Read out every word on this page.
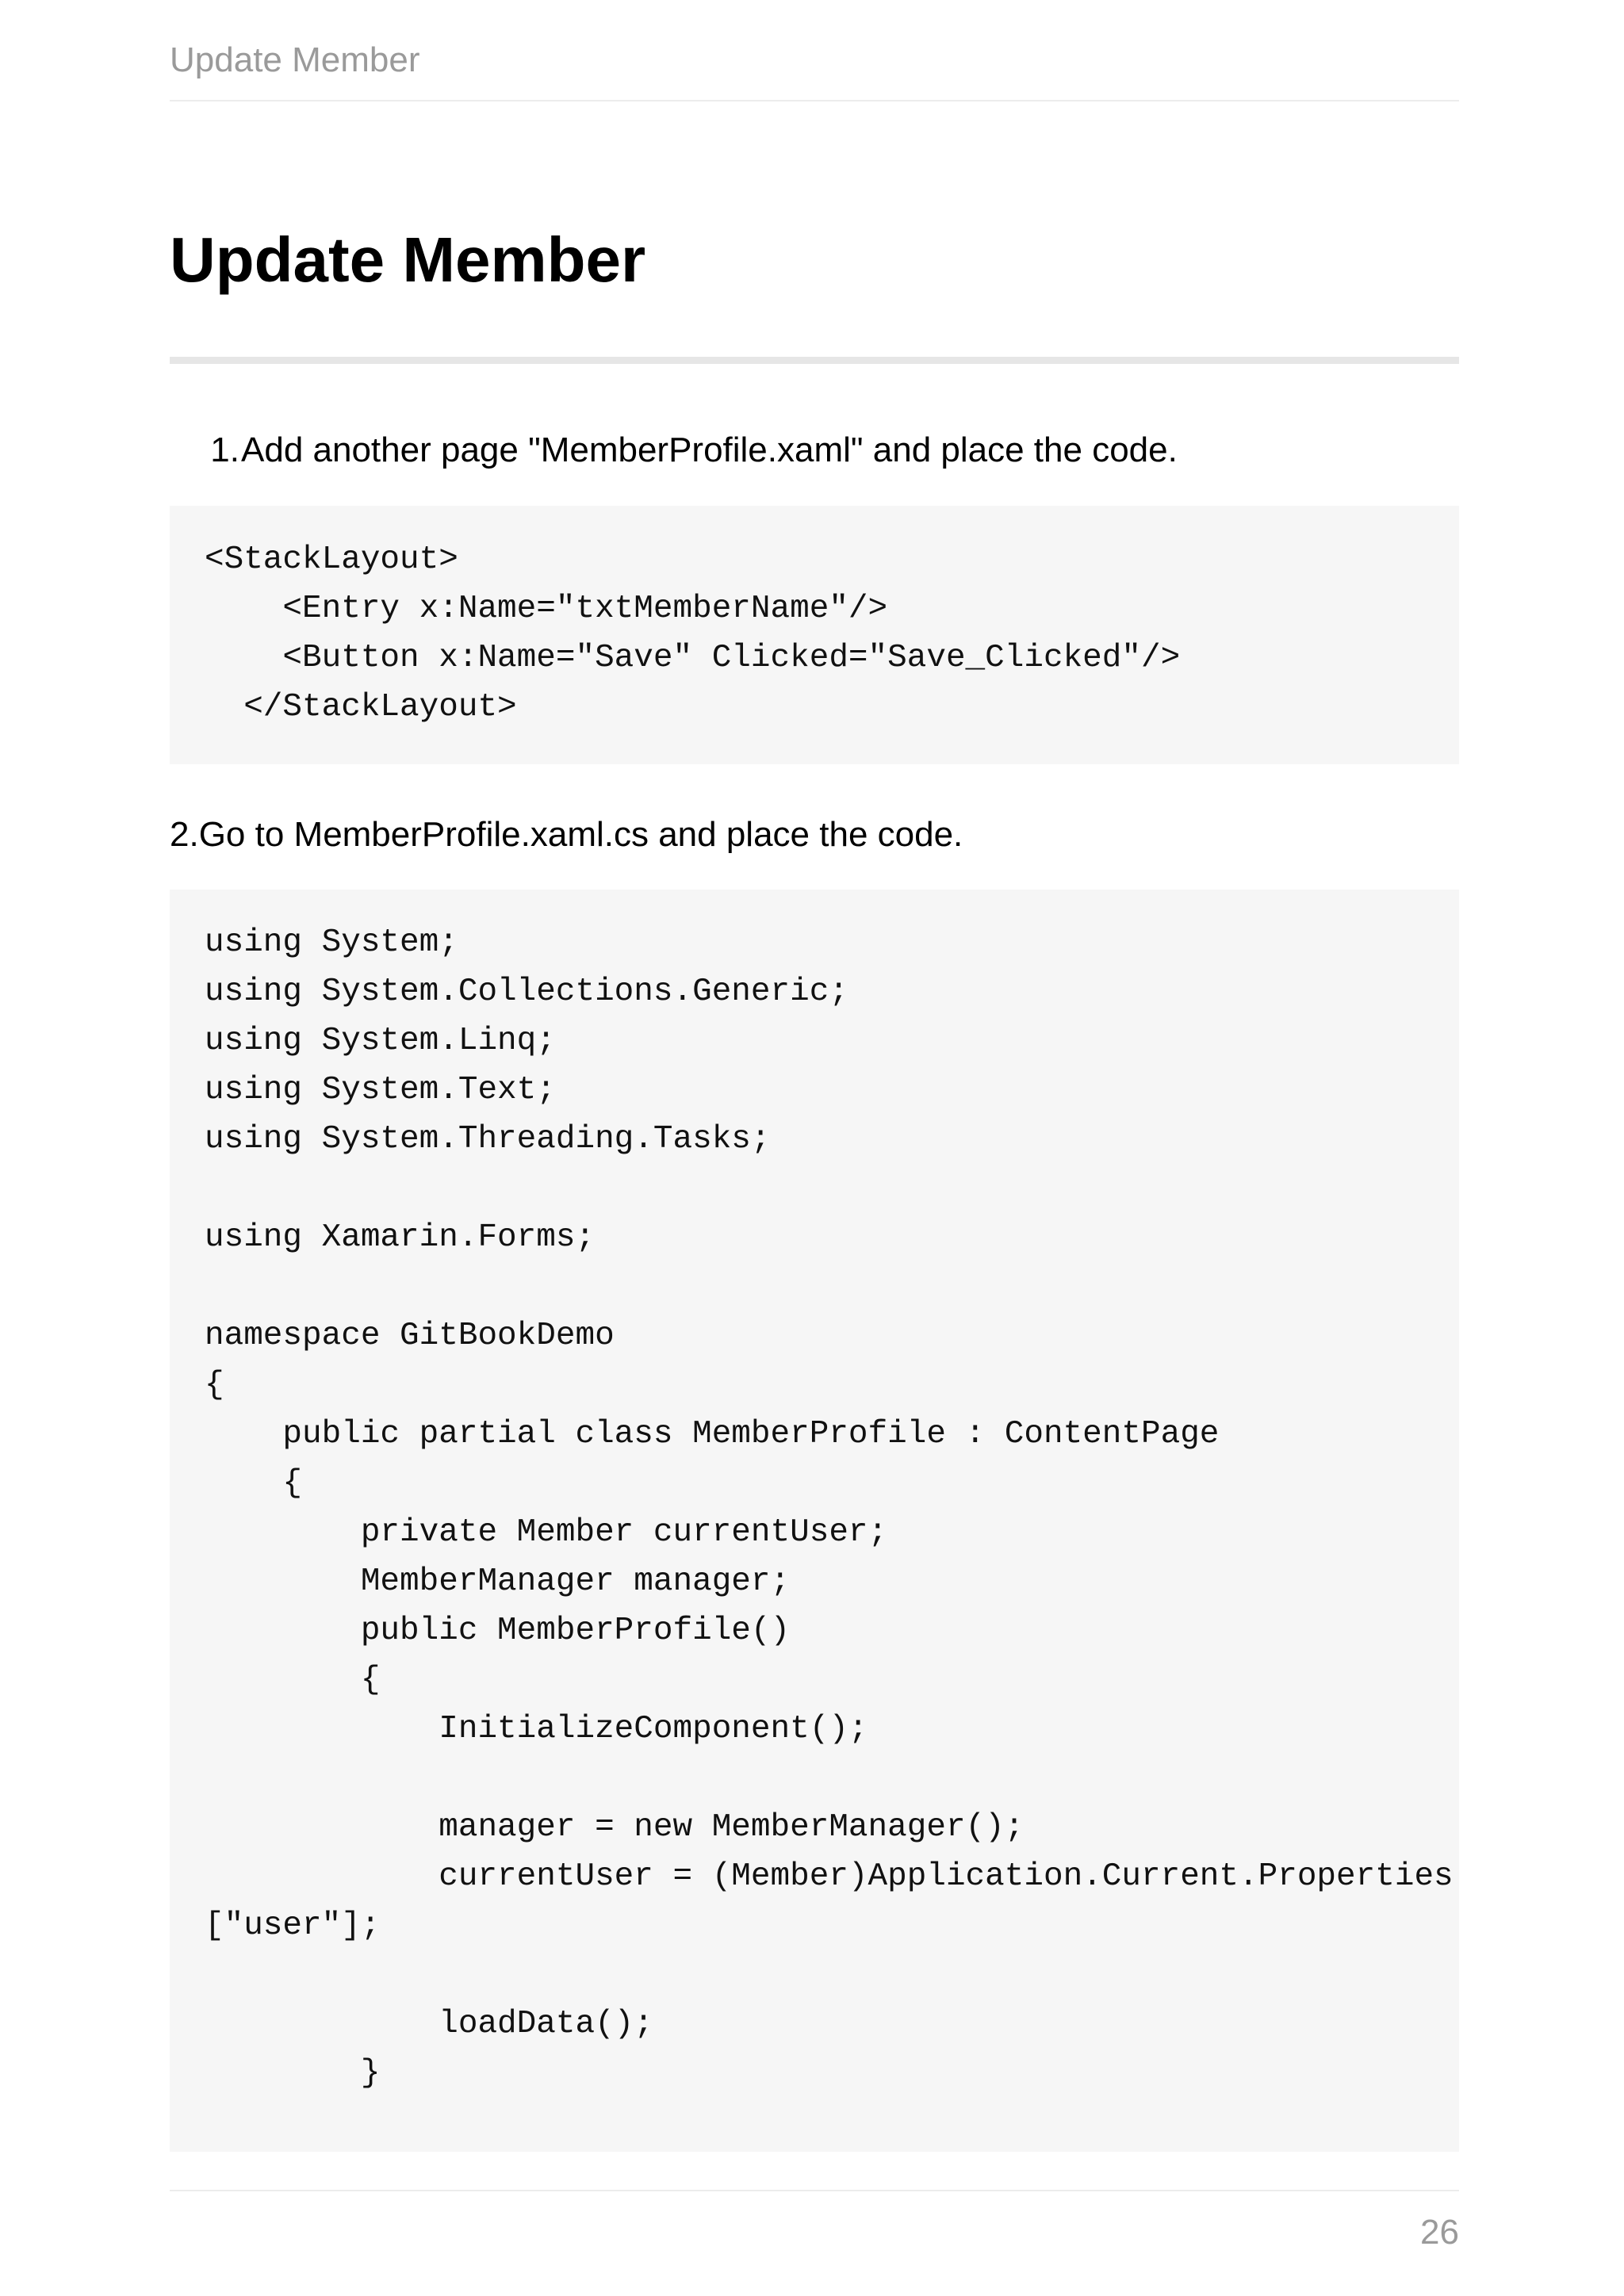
Update Member
Update Member
1.Add another page "MemberProfile.xaml" and place the code.
<StackLayout>
<Entry x:Name="txtMemberName"/>
<Button x:Name="Save" Clicked="Save_Clicked"/>
</StackLayout>
2.Go to MemberProfile.xaml.cs and place the code.
using System;
using System.Collections.Generic;
using System.Linq;
using System.Text;
using System.Threading.Tasks;

using Xamarin.Forms;

namespace GitBookDemo
{
public partial class MemberProfile : ContentPage
{
private Member currentUser;
MemberManager manager;
public MemberProfile()
{
InitializeComponent();

manager = new MemberManager();
currentUser = (Member)Application.Current.Properties
["user"];

loadData();
}
26
